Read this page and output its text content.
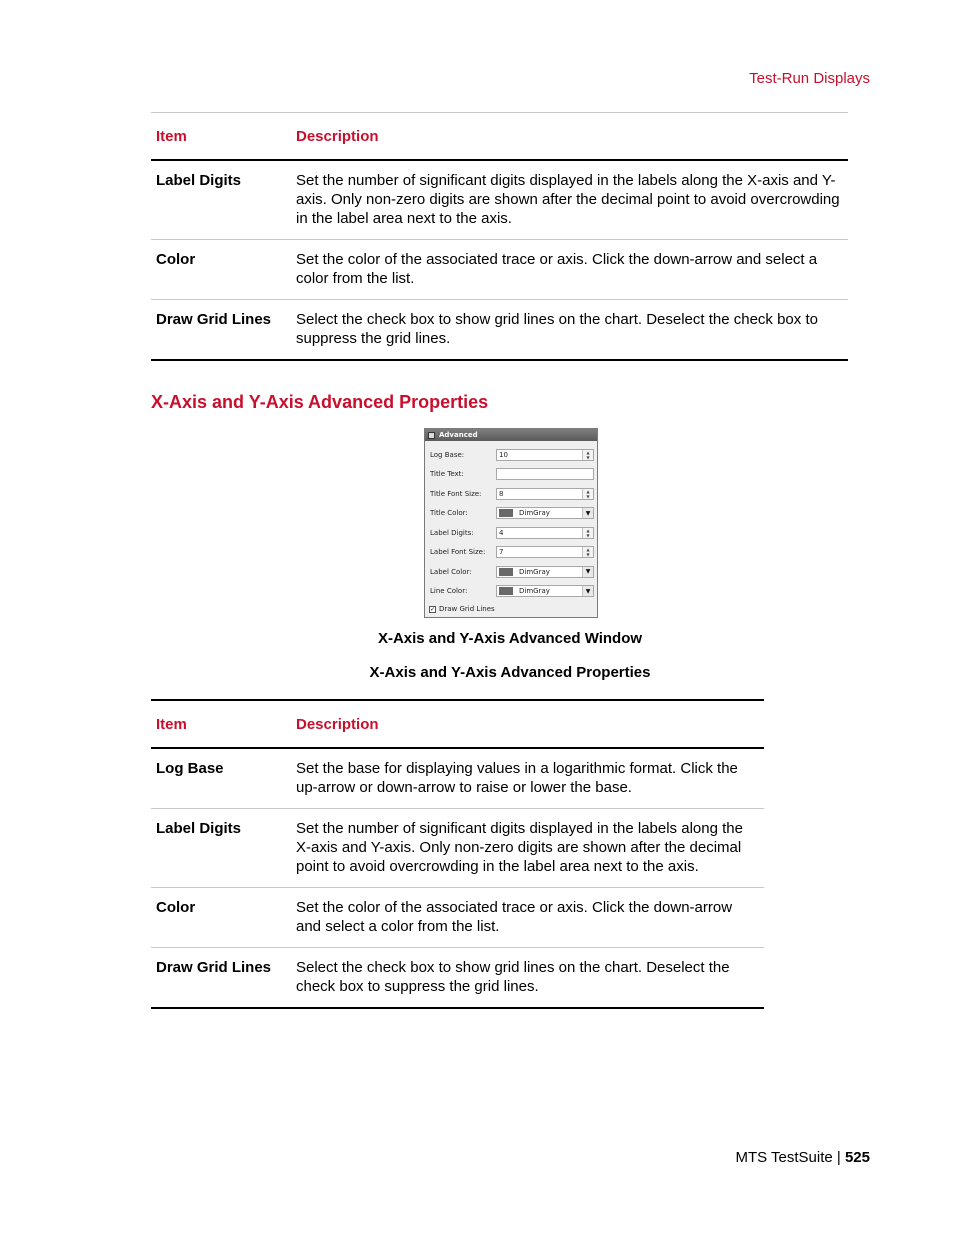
Test-Run Displays
Item	Description
Label Digits	Set the number of significant digits displayed in the labels along the X-axis and Y-axis. Only non-zero digits are shown after the decimal point to avoid overcrowding in the label area next to the axis.
Color	Set the color of the associated trace or axis. Click the down-arrow and select a color from the list.
Draw Grid Lines	Select the check box to show grid lines on the chart. Deselect the check box to suppress the grid lines.
X-Axis and Y-Axis Advanced Properties
Advanced
Log Base:	10	▲
▼
Title Text:
Title Font Size:	8	▲
▼
Title Color:	DimGray	▼
Label Digits:	4	▲
▼
Label Font Size:	7	▲
▼
Label Color:	DimGray	▼
Line Color:	DimGray	▼
✓ Draw Grid Lines
X-Axis and Y-Axis Advanced Window
X-Axis and Y-Axis Advanced Properties
Item	Description
Log Base	Set the base for displaying values in a logarithmic format. Click the up-arrow or down-arrow to raise or lower the base.
Label Digits	Set the number of significant digits displayed in the labels along the X-axis and Y-axis. Only non-zero digits are shown after the decimal point to avoid overcrowding in the label area next to the axis.
Color	Set the color of the associated trace or axis. Click the down-arrow and select a color from the list.
Draw Grid Lines	Select the check box to show grid lines on the chart. Deselect the check box to suppress the grid lines.
MTS TestSuite | 525
